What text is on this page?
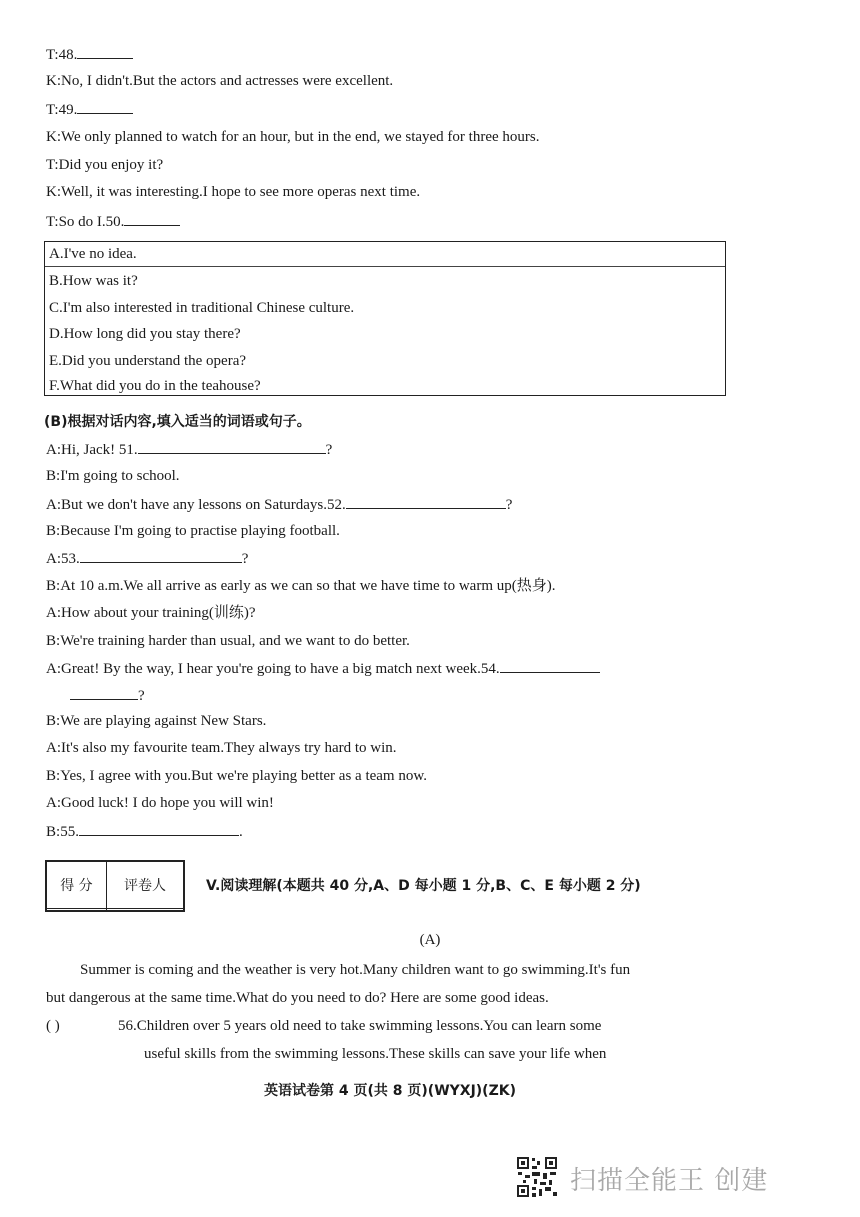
T:48.
K:No, I didn't.But the actors and actresses were excellent.
T:49.
K:We only planned to watch for an hour, but in the end, we stayed for three hours.
T:Did you enjoy it?
K:Well, it was interesting.I hope to see more operas next time.
T:So do I.50.
A.I've no idea.
B.How was it?
C.I'm also interested in traditional Chinese culture.
D.How long did you stay there?
E.Did you understand the opera?
F.What did you do in the teahouse?
(B)根据对话内容,填入适当的词语或句子。
A:Hi, Jack! 51.	?
B:I'm going to school.
A:But we don't have any lessons on Saturdays.52.	?
B:Because I'm going to practise playing football.
A:53.	?
B:At 10 a.m.We all arrive as early as we can so that we have time to warm up(热身).
A:How about your training(训练)?
B:We're training harder than usual, and we want to do better.
A:Great! By the way, I hear you're going to have a big match next week.54.
?
B:We are playing against New Stars.
A:It's also my favourite team.They always try hard to win.
B:Yes, I agree with you.But we're playing better as a team now.
A:Good luck! I do hope you will win!
B:55.	.
得 分	评卷人
		V.阅读理解(本题共 40 分,A、D 每小题 1 分,B、C、E 每小题 2 分)
(A)
Summer is coming and the weather is very hot.Many children want to go swimming.It's fun
but dangerous at the same time.What do you need to do? Here are some good ideas.
( )	56.Children over 5 years old need to take swimming lessons.You can learn some
useful skills from the swimming lessons.These skills can save your life when
英语试卷第 4 页(共 8 页)(WYXJ)(ZK)
扫描全能王 创建
